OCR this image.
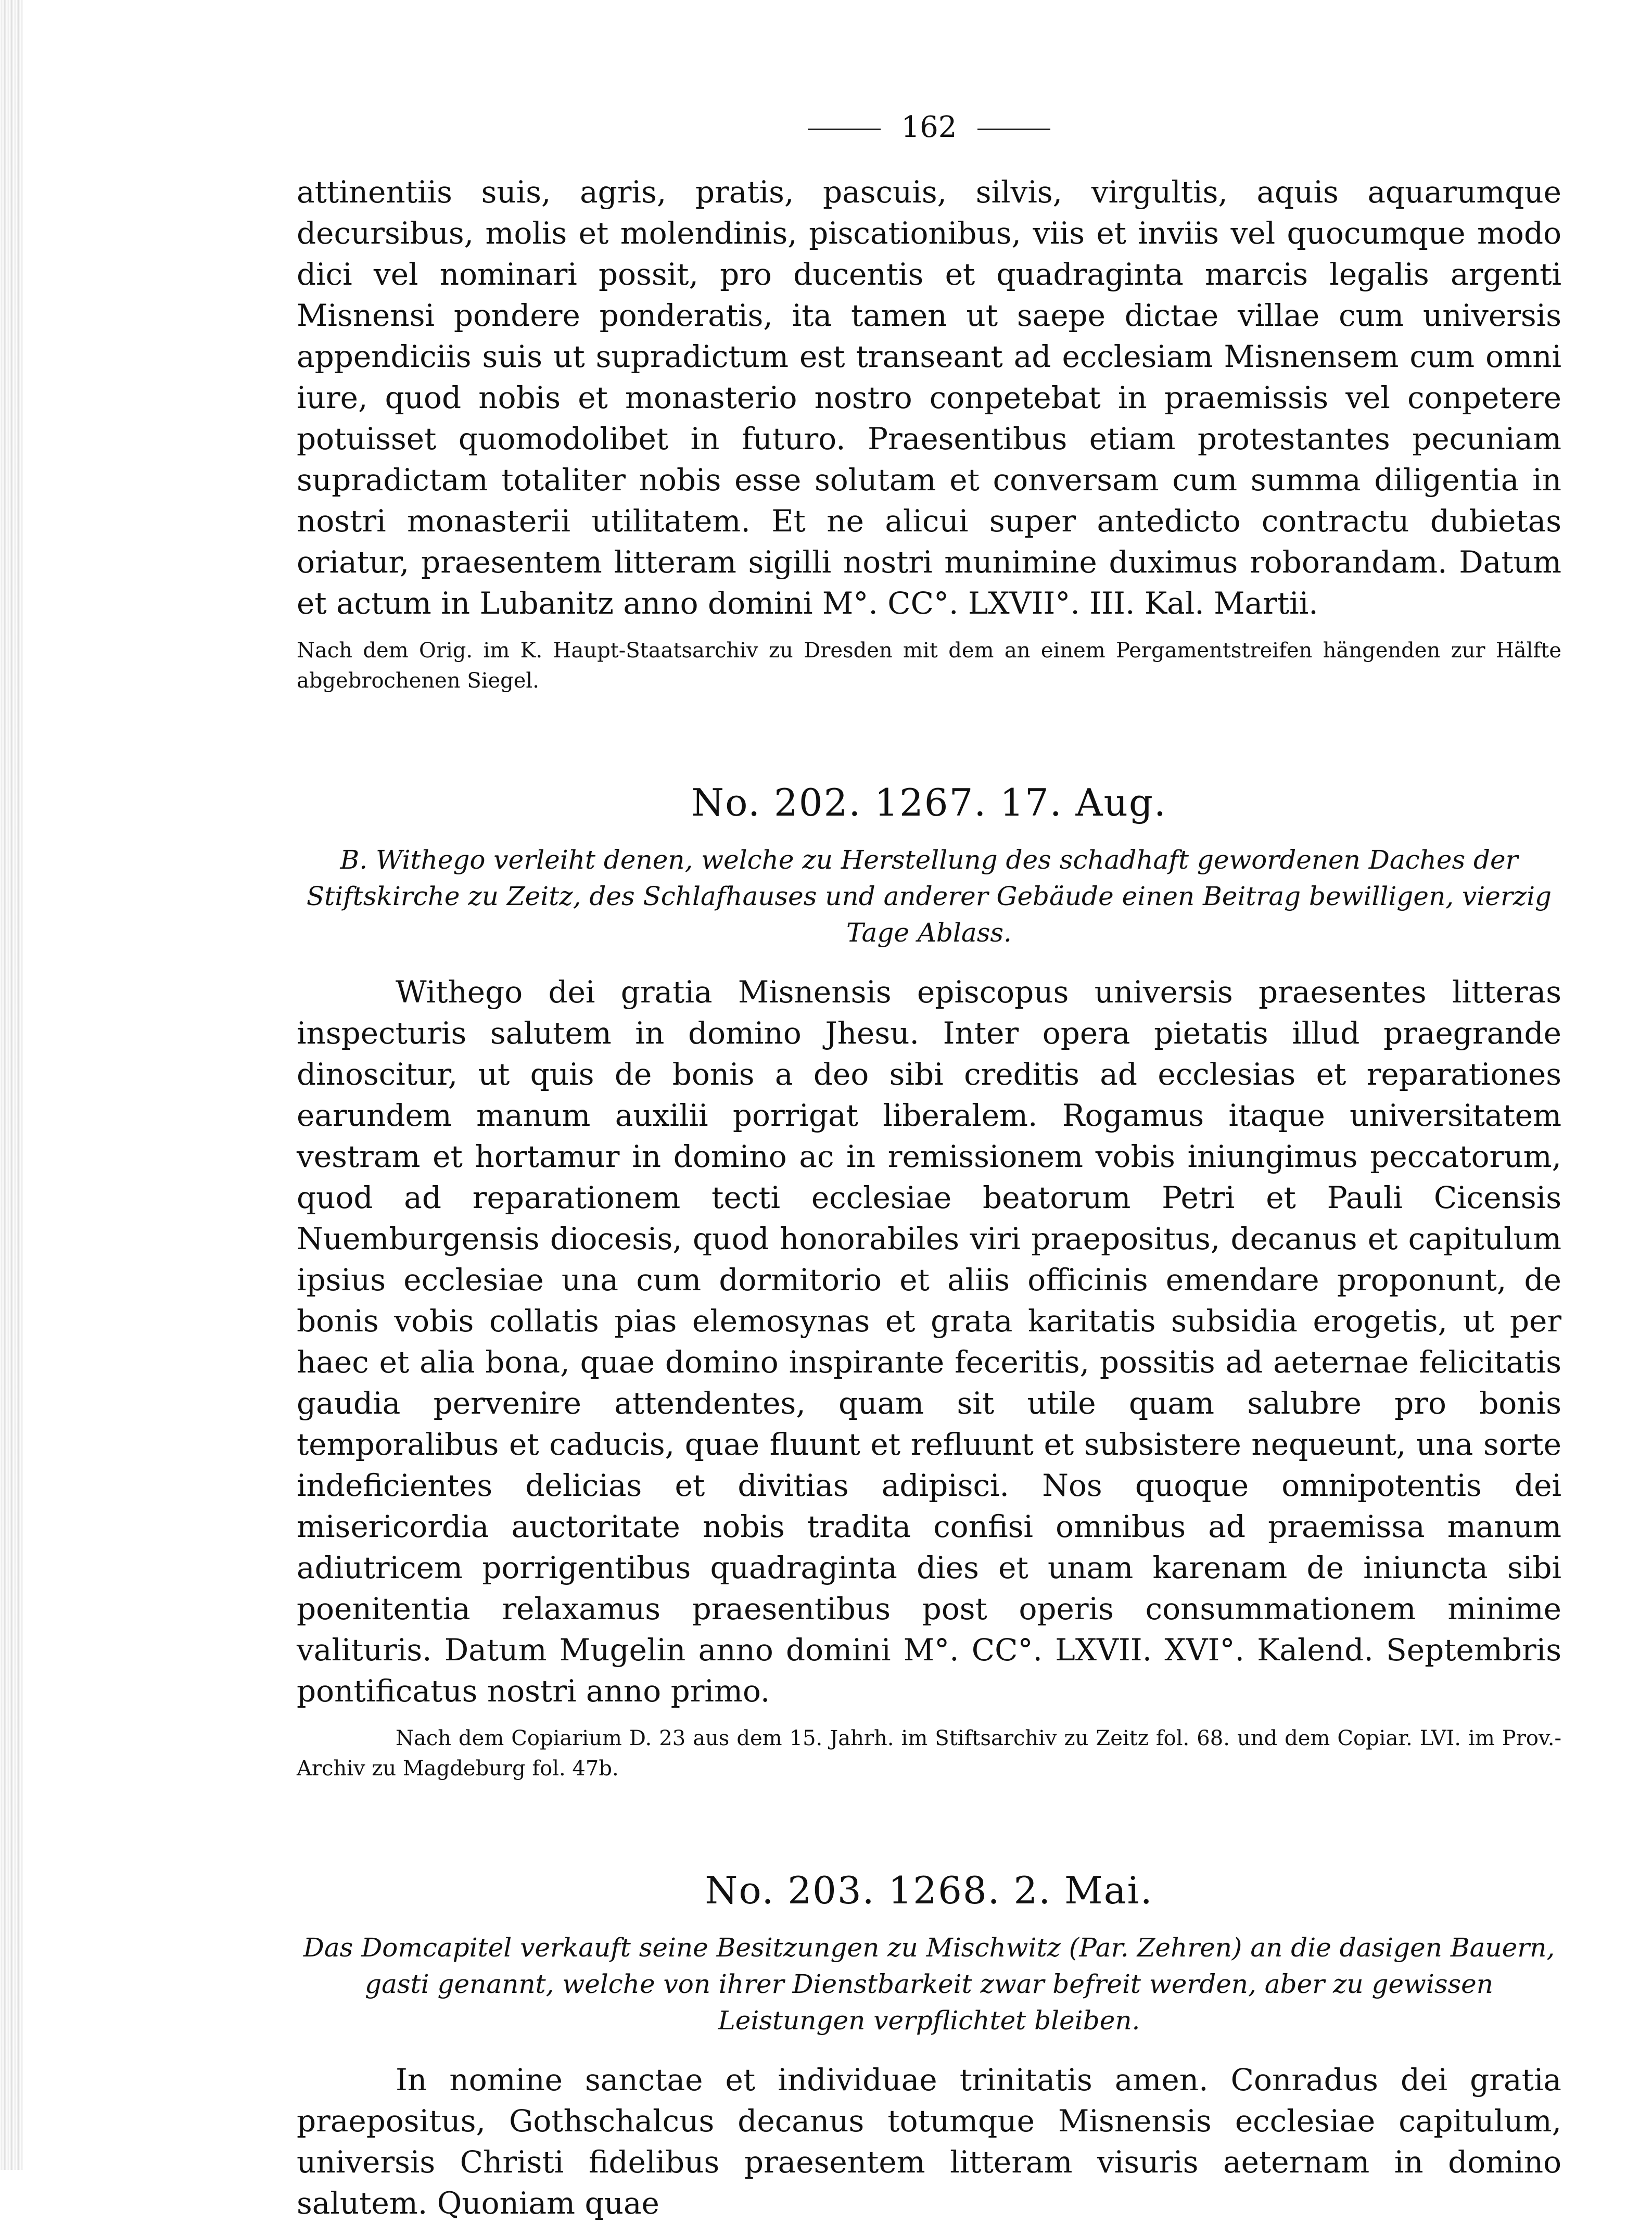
162

attinentiis suis, agris, pratis, pascuis, silvis, virgultis, aquis aquarumque decursibus, molis et molendinis, piscationibus, viis et inviis vel quocumque modo dici vel nominari possit, pro ducentis et quadraginta marcis legalis argenti Misnensi pondere ponderatis, ita tamen ut saepe dictae villae cum universis appendiciis suis ut supradictum est transeant ad ecclesiam Misnensem cum omni iure, quod nobis et monasterio nostro conpetebat in praemissis vel conpetere potuisset quomodolibet in futuro. Praesentibus etiam protestantes pecuniam supradictam totaliter nobis esse solutam et conversam cum summa diligentia in nostri monasterii utilitatem. Et ne alicui super antedicto contractu dubietas oriatur, praesentem litteram sigilli nostri munimine duximus roborandam. Datum et actum in Lubanitz anno domini M°. CC°. LXVII°. III. Kal. Martii.

Nach dem Orig. im K. Haupt-Staatsarchiv zu Dresden mit dem an einem Pergamentstreifen hängenden zur Hälfte abgebrochenen Siegel.

No. 202. 1267. 17. Aug.

B. Withego verleiht denen, welche zu Herstellung des schadhaft gewordenen Daches der Stiftskirche zu Zeitz, des Schlafhauses und anderer Gebäude einen Beitrag bewilligen, vierzig Tage Ablass.

Withego dei gratia Misnensis episcopus universis praesentes litteras inspecturis salutem in domino Jhesu. Inter opera pietatis illud praegrande dinoscitur, ut quis de bonis a deo sibi creditis ad ecclesias et reparationes earundem manum auxilii porrigat liberalem. Rogamus itaque universitatem vestram et hortamur in domino ac in remissionem vobis iniungimus peccatorum, quod ad reparationem tecti ecclesiae beatorum Petri et Pauli Cicensis Nuemburgensis diocesis, quod honorabiles viri praepositus, decanus et capitulum ipsius ecclesiae una cum dormitorio et aliis officinis emendare proponunt, de bonis vobis collatis pias elemosynas et grata karitatis subsidia erogetis, ut per haec et alia bona, quae domino inspirante feceritis, possitis ad aeternae felicitatis gaudia pervenire attendentes, quam sit utile quam salubre pro bonis temporalibus et caducis, quae fluunt et refluunt et subsistere nequeunt, una sorte indeficientes delicias et divitias adipisci. Nos quoque omnipotentis dei misericordia auctoritate nobis tradita confisi omnibus ad praemissa manum adiutricem porrigentibus quadraginta dies et unam karenam de iniuncta sibi poenitentia relaxamus praesentibus post operis consummationem minime valituris. Datum Mugelin anno domini M°. CC°. LXVII. XVI°. Kalend. Septembris pontificatus nostri anno primo.

Nach dem Copiarium D. 23 aus dem 15. Jahrh. im Stiftsarchiv zu Zeitz fol. 68. und dem Copiar. LVI. im Prov.-Archiv zu Magdeburg fol. 47b.

No. 203. 1268. 2. Mai.

Das Domcapitel verkauft seine Besitzungen zu Mischwitz (Par. Zehren) an die dasigen Bauern, gasti genannt, welche von ihrer Dienstbarkeit zwar befreit werden, aber zu gewissen Leistungen verpflichtet bleiben.

In nomine sanctae et individuae trinitatis amen. Conradus dei gratia praepositus, Gothschalcus decanus totumque Misnensis ecclesiae capitulum, universis Christi fidelibus praesentem litteram visuris aeternam in domino salutem. Quoniam quae
